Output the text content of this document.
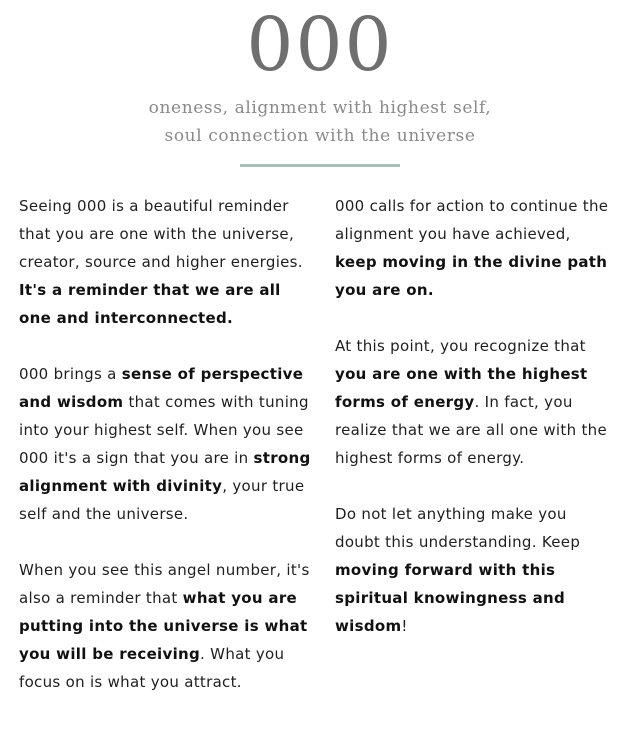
000
oneness, alignment with highest self,
soul connection with the universe

Seeing 000 is a beautiful reminder that you are one with the universe, creator, source and higher energies. It's a reminder that we are all one and interconnected.

000 brings a sense of perspective and wisdom that comes with tuning into your highest self. When you see 000 it's a sign that you are in strong alignment with divinity, your true self and the universe.

When you see this angel number, it's also a reminder that what you are putting into the universe is what you will be receiving. What you focus on is what you attract.

000 calls for action to continue the alignment you have achieved, keep moving in the divine path you are on.

At this point, you recognize that you are one with the highest forms of energy. In fact, you realize that we are all one with the highest forms of energy.

Do not let anything make you doubt this understanding. Keep moving forward with this spiritual knowingness and wisdom!
